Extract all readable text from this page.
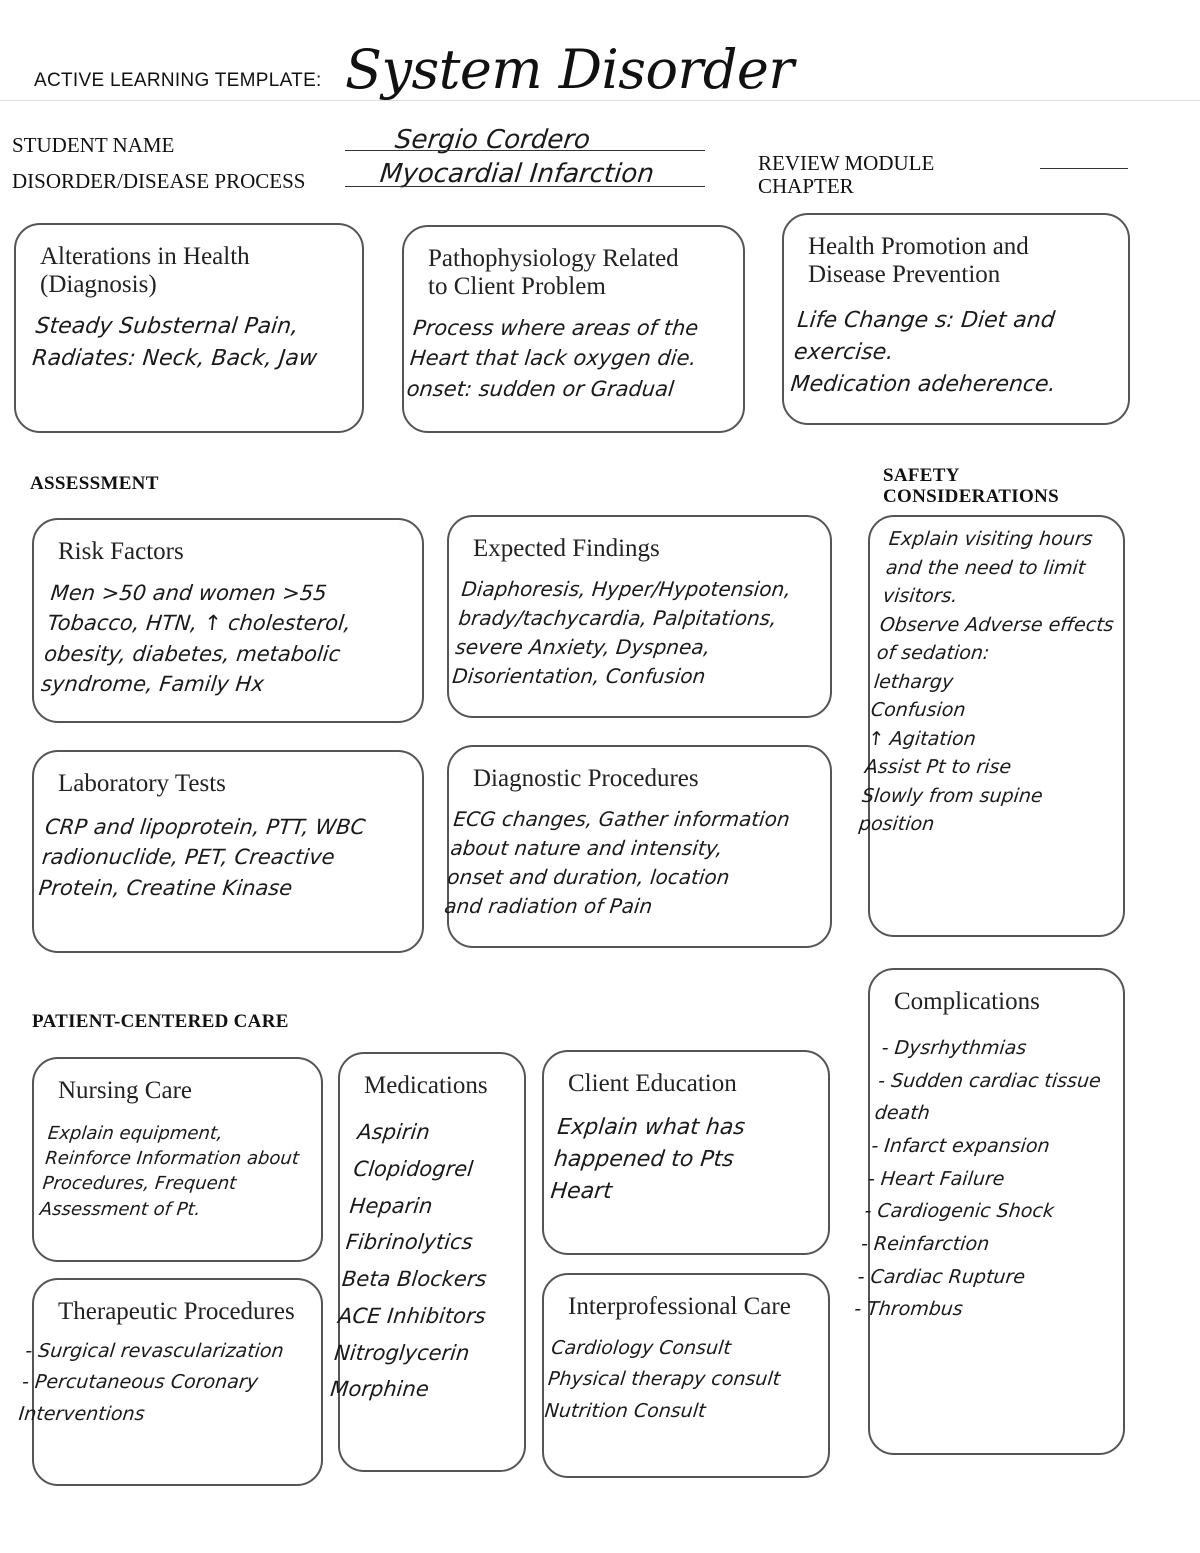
ACTIVE LEARNING TEMPLATE: System Disorder
STUDENT NAME
DISORDER/DISEASE PROCESS
Sergio Cordero
Myocardial Infarction	REVIEW MODULE
CHAPTER
Alterations in Health
(Diagnosis)
Steady Substernal Pain,
Radiates: Neck, Back, Jaw
Pathophysiology Related
to Client Problem
Process where areas of the
Heart that lack oxygen die.
onset: sudden or Gradual
Health Promotion and
Disease Prevention
Life Change s: Diet and
exercise.
Medication adeherence.
ASSESSMENT
Risk Factors
Men >50 and women >55
Tobacco, HTN, ↑ cholesterol,
obesity, diabetes, metabolic
syndrome, Family Hx
Expected Findings
Diaphoresis, Hyper/Hypotension,
brady/tachycardia, Palpitations,
severe Anxiety, Dyspnea,
Disorientation, Confusion
Laboratory Tests
CRP and lipoprotein, PTT, WBC
radionuclide, PET, Creactive
Protein, Creatine Kinase
Diagnostic Procedures
ECG changes, Gather information
about nature and intensity,
onset and duration, location
and radiation of Pain
SAFETY
CONSIDERATIONS
Explain visiting hours
and the need to limit
visitors.
Observe Adverse effects
of sedation:
lethargy
Confusion
↑ Agitation
Assist Pt to rise
Slowly from supine
position
Complications
- Dysrhythmias
- Sudden cardiac tissue
death
- Infarct expansion
- Heart Failure
- Cardiogenic Shock
- Reinfarction
- Cardiac Rupture
- Thrombus
PATIENT-CENTERED CARE
Nursing Care
Explain equipment,
Reinforce Information about
Procedures, Frequent
Assessment of Pt.
Medications
Aspirin
Clopidogrel
Heparin
Fibrinolytics
Beta Blockers
ACE Inhibitors
Nitroglycerin
Morphine
Client Education
Explain what has
happened to Pts
Heart
Therapeutic Procedures
- Surgical revascularization
- Percutaneous Coronary
Interventions
Interprofessional Care
Cardiology Consult
Physical therapy consult
Nutrition Consult
